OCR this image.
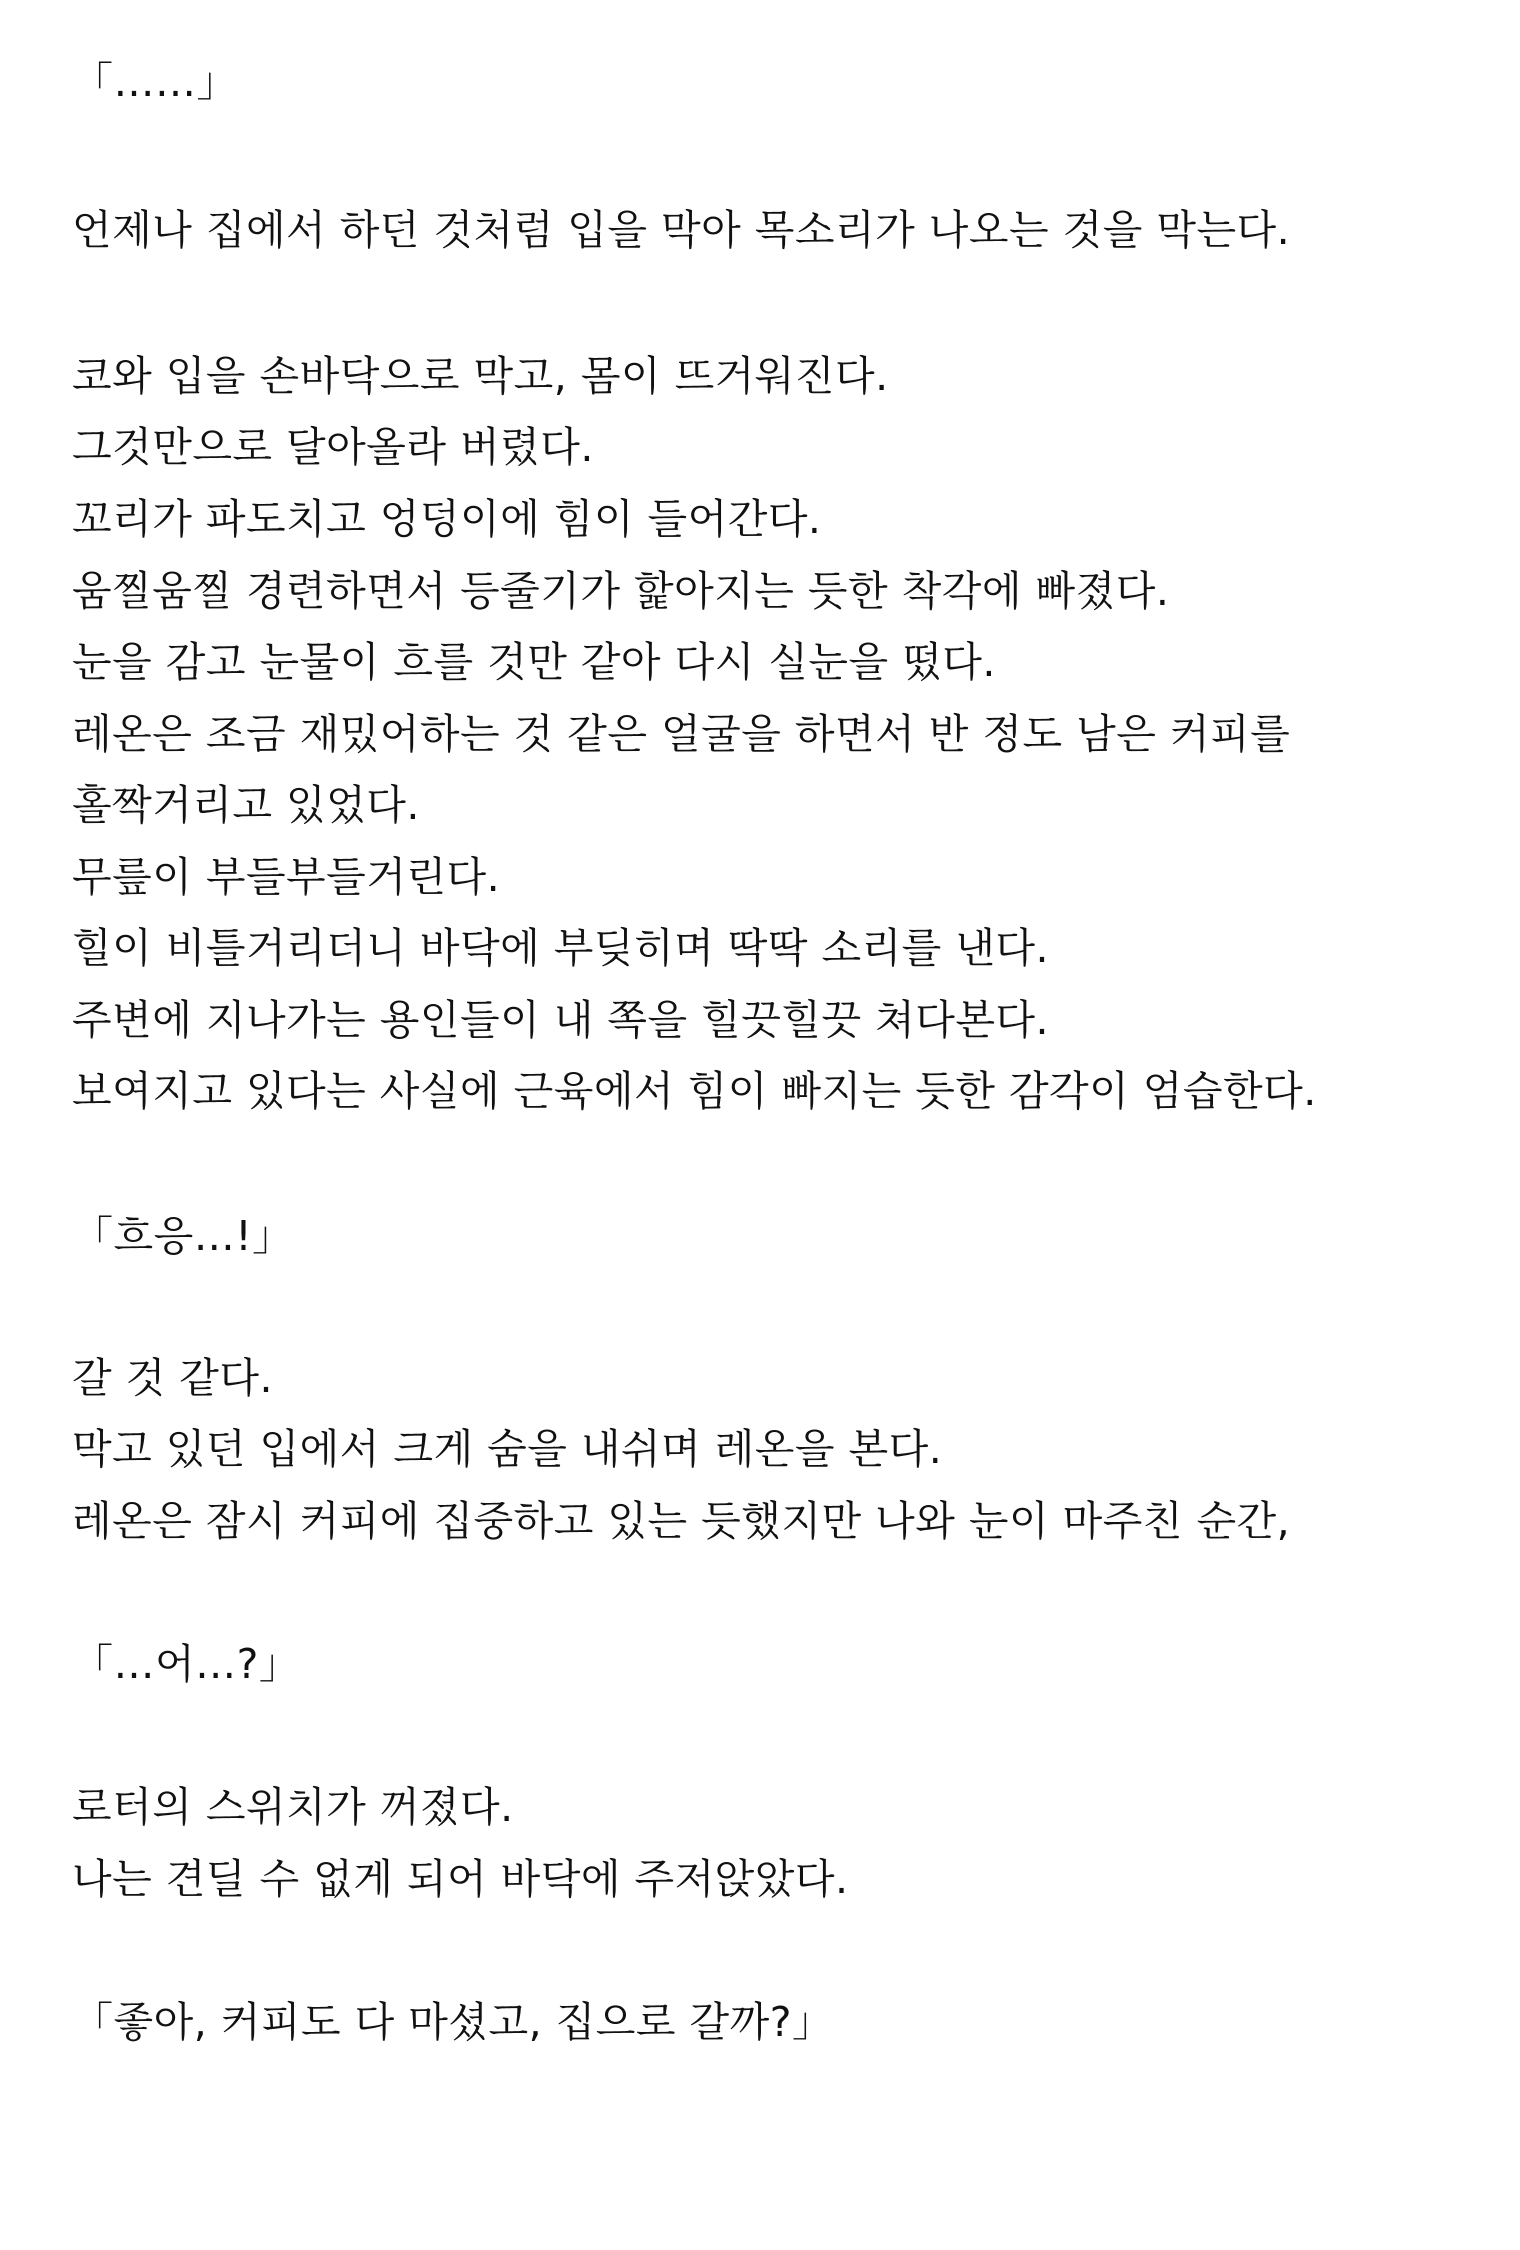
「……」
언제나 집에서 하던 것처럼 입을 막아 목소리가 나오는 것을 막는다.
코와 입을 손바닥으로 막고, 몸이 뜨거워진다.
그것만으로 달아올라 버렸다.
꼬리가 파도치고 엉덩이에 힘이 들어간다.
움찔움찔 경련하면서 등줄기가 핥아지는 듯한 착각에 빠졌다.
눈을 감고 눈물이 흐를 것만 같아 다시 실눈을 떴다.
레온은 조금 재밌어하는 것 같은 얼굴을 하면서 반 정도 남은 커피를
홀짝거리고 있었다.
무릎이 부들부들거린다.
힐이 비틀거리더니 바닥에 부딪히며 딱딱 소리를 낸다.
주변에 지나가는 용인들이 내 쪽을 힐끗힐끗 쳐다본다.
보여지고 있다는 사실에 근육에서 힘이 빠지는 듯한 감각이 엄습한다.
「흐응…!」
갈 것 같다.
막고 있던 입에서 크게 숨을 내쉬며 레온을 본다.
레온은 잠시 커피에 집중하고 있는 듯했지만 나와 눈이 마주친 순간,
「…어…?」
로터의 스위치가 꺼졌다.
나는 견딜 수 없게 되어 바닥에 주저앉았다.
「좋아, 커피도 다 마셨고, 집으로 갈까?」
